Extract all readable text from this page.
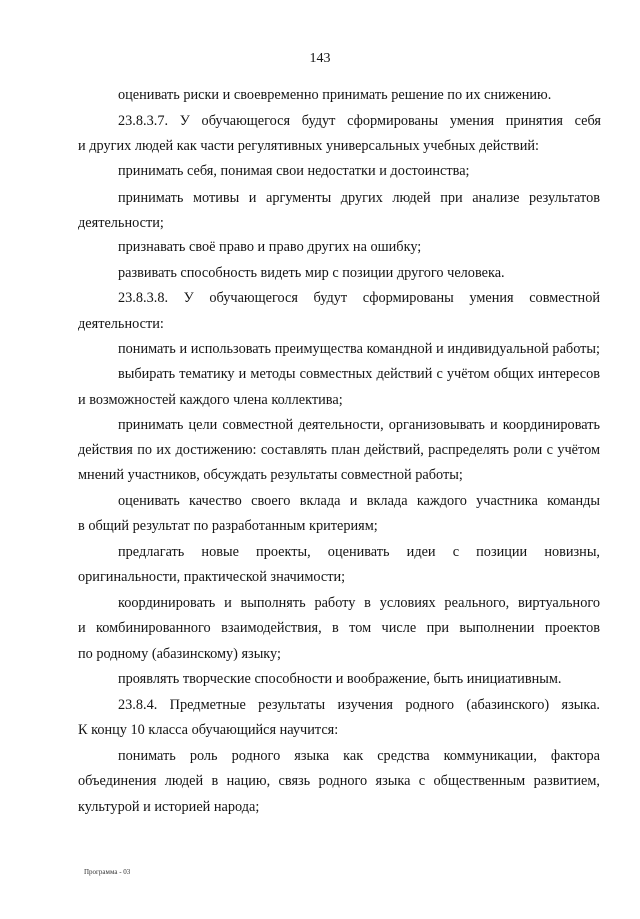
143
оценивать риски и своевременно принимать решение по их снижению.
23.8.3.7. У обучающегося будут сформированы умения принятия себя
и других людей как части регулятивных универсальных учебных действий:
принимать себя, понимая свои недостатки и достоинства;
принимать мотивы и аргументы других людей при анализе результатов
деятельности;
признавать своё право и право других на ошибку;
развивать способность видеть мир с позиции другого человека.
23.8.3.8. У обучающегося будут сформированы умения совместной
деятельности:
понимать и использовать преимущества командной и индивидуальной работы;
выбирать тематику и методы совместных действий с учётом общих интересов
и возможностей каждого члена коллектива;
принимать цели совместной деятельности, организовывать и координировать
действия по их достижению: составлять план действий, распределять роли с учётом
мнений участников, обсуждать результаты совместной работы;
оценивать качество своего вклада и вклада каждого участника команды
в общий результат по разработанным критериям;
предлагать новые проекты, оценивать идеи с позиции новизны,
оригинальности, практической значимости;
координировать и выполнять работу в условиях реального, виртуального
и комбинированного взаимодействия, в том числе при выполнении проектов
по родному (абазинскому) языку;
проявлять творческие способности и воображение, быть инициативным.
23.8.4. Предметные результаты изучения родного (абазинского) языка.
К концу 10 класса обучающийся научится:
понимать роль родного языка как средства коммуникации, фактора
объединения людей в нацию, связь родного языка с общественным развитием,
культурой и историей народа;
Программа - 03
